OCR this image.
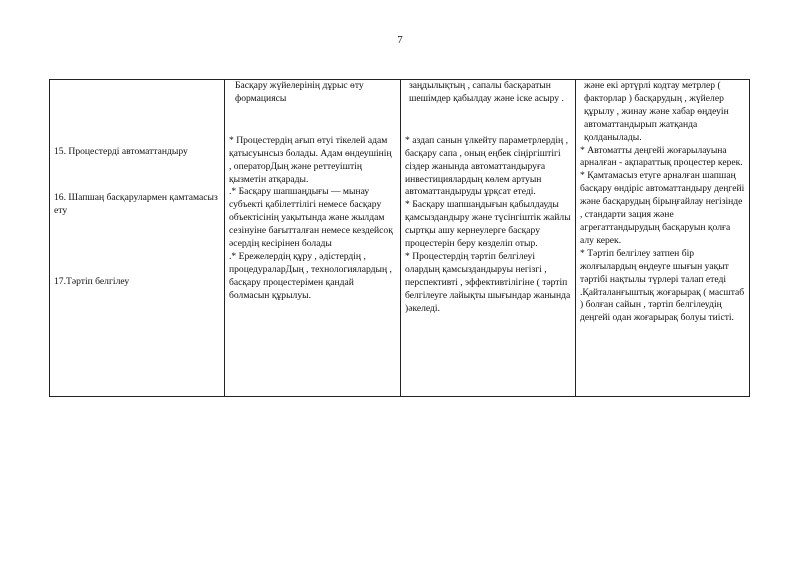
7
15. Процестерді автоматтандыру
16. Шапшаң басқарулармен қамтамасыз ету
17.Тәртіп белгілеу

Басқару жүйелерінің дұрыс өту формациясы
* Процестердің ағып өтуі тікелей адам қатысуынсыз болады. Адам өндеушінің , операторДың және реттеуіштің қызметін атқарады.
.* Басқару шапшаңдығы — мынау субъекті қабілеттілігі немесе басқару объектісінің уақытында және жылдам сезінуіне бағытталған немесе кездейсоқ әсердің кесірінен болады
.* Ережелердің құру , әдістердің , процедураларДың , технологиялардың , басқару процестерімен қандай болмасын құрылуы.

заңдылықтың , сапалы басқаратын шешімдер қабылдау және іске асыру .
* аздап санын үлкейту параметрлердің , басқару сапа , оның еңбек сіңіргіштігі сіздер жанында автоматтандыруға инвестициялардың көлем артуын автоматтандыруды ұрқсат етеді.
* Басқару шапшаңдығын қабылдауды қамсыздандыру және түсінгіштік жайлы сыртқы ашу кернеулерге басқару процестерін беру көзделіп отыр.
* Процестердің тәртіп белгілеуі олардың қамсыздандыруы негізгі , перспективті , эффективтілігіне ( тәртіп белгілеуге лайықты шығындар жанында )әкеледі.

және екі әртүрлі кодтау метрлер ( факторлар ) басқарудың , жүйелер құрылу , жинау және хабар өңдеуін автоматтандырып жатқанда қолданылады.
* Автоматты деңгейі жоғарылауына арналған - ақпараттық процестер керек.
* Қамтамасыз етуге арналған шапшаң басқару өндіріс автоматтандыру деңгейі және басқарудың бірыңғайлау негізінде , стандарти зация және агрегаттандырудың басқаруын қолға алу керек.
* Тәртіп белгілеу затпен бір жолғылардың өңдеуге шығын уақыт тәртібі нақтылы түрлері талап етеді .Қайталанғыштық жоғарырақ ( масштаб ) болған сайын , тәртіп белгілеудің деңгейі одан жоғарырақ болуы тиісті.
